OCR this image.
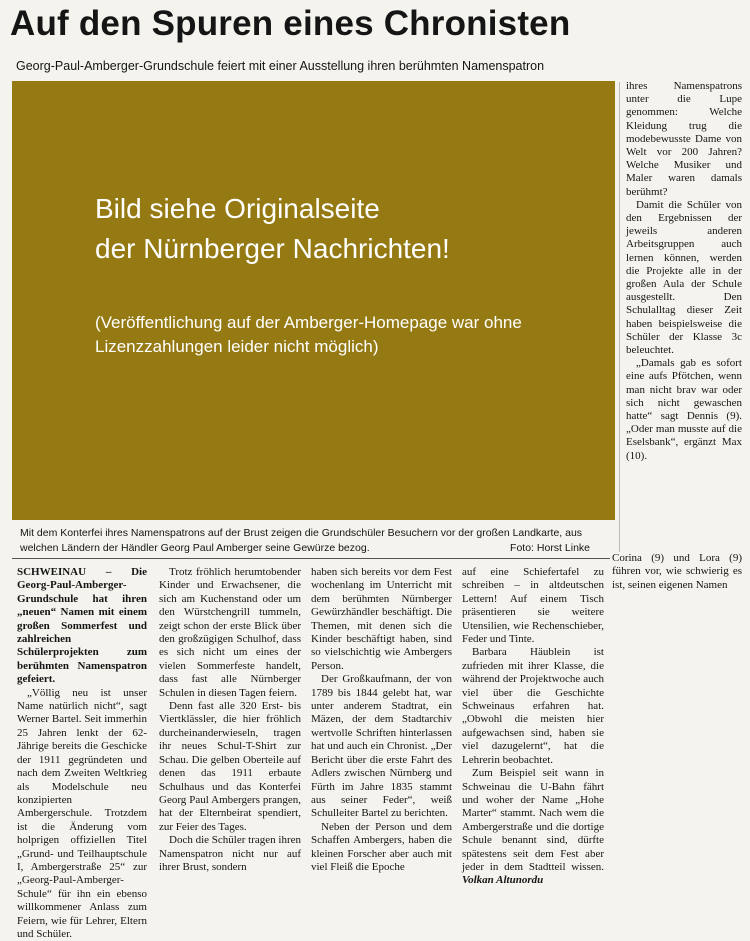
Auf den Spuren eines Chronisten

Georg-Paul-Amberger-Grundschule feiert mit einer Ausstellung ihren berühmten Namenspatron

Bild siehe Originalseite
der Nürnberger Nachrichten!
(Veröffentlichung auf der Amberger-Homepage war ohne Lizenzzahlungen leider nicht möglich)
Mit dem Konterfei ihres Namenspatrons auf der Brust zeigen die Grundschüler Besuchern vor der großen Landkarte, aus welchen Ländern der Händler Georg Paul Amberger seine Gewürze bezog.	Foto: Horst Linke

ihres Namenspatrons unter die Lupe genommen: Welche Kleidung trug die modebewusste Dame von Welt vor 200 Jahren? Welche Musiker und Maler waren damals berühmt?

Damit die Schüler von den Ergebnissen der jeweils anderen Arbeitsgruppen auch lernen können, werden die Projekte alle in der großen Aula der Schule ausgestellt. Den Schulalltag dieser Zeit haben beispielsweise die Schüler der Klasse 3c beleuchtet.

„Damals gab es sofort eine aufs Pfötchen, wenn man nicht brav war oder sich nicht gewaschen hatte“ sagt Dennis (9). „Oder man musste auf die Eselsbank“, ergänzt Max (10).

SCHWEINAU – Die Georg-Paul-Amberger-Grundschule hat ihren „neuen“ Namen mit einem großen Sommerfest und zahlreichen Schülerprojekten zum berühmten Namenspatron gefeiert.

„Völlig neu ist unser Name natürlich nicht“, sagt Werner Bartel. Seit immerhin 25 Jahren lenkt der 62-Jährige bereits die Geschicke der 1911 gegründeten und nach dem Zweiten Weltkrieg als Modelschule neu konzipierten Ambergerschule. Trotzdem ist die Änderung vom holprigen offiziellen Titel „Grund- und Teilhauptschule I, Ambergerstraße 25“ zur „Georg-Paul-Amberger-Schule“ für ihn ein ebenso willkommener Anlass zum Feiern, wie für Lehrer, Eltern und Schüler.

Trotz fröhlich herumtobender Kinder und Erwachsener, die sich am Kuchenstand oder um den Würstchengrill tummeln, zeigt schon der erste Blick über den großzügigen Schulhof, dass es sich nicht um eines der vielen Sommerfeste handelt, dass fast alle Nürnberger Schulen in diesen Tagen feiern.

Denn fast alle 320 Erst- bis Viertklässler, die hier fröhlich durcheinanderwieseln, tragen ihr neues Schul-T-Shirt zur Schau. Die gelben Oberteile auf denen das 1911 erbaute Schulhaus und das Konterfei Georg Paul Ambergers prangen, hat der Elternbeirat spendiert, zur Feier des Tages.

Doch die Schüler tragen ihren Namenspatron nicht nur auf ihrer Brust, sondern

haben sich bereits vor dem Fest wochenlang im Unterricht mit dem berühmten Nürnberger Gewürzhändler beschäftigt. Die Themen, mit denen sich die Kinder beschäftigt haben, sind so vielschichtig wie Ambergers Person.

Der Großkaufmann, der von 1789 bis 1844 gelebt hat, war unter anderem Stadtrat, ein Mäzen, der dem Stadtarchiv wertvolle Schriften hinterlassen hat und auch ein Chronist. „Der Bericht über die erste Fahrt des Adlers zwischen Nürnberg und Fürth im Jahre 1835 stammt aus seiner Feder“, weiß Schulleiter Bartel zu berichten.

Neben der Person und dem Schaffen Ambergers, haben die kleinen Forscher aber auch mit viel Fleiß die Epoche

auf eine Schiefertafel zu schreiben – in altdeutschen Lettern! Auf einem Tisch präsentieren sie weitere Utensilien, wie Rechenschieber, Feder und Tinte.

Barbara Häublein ist zufrieden mit ihrer Klasse, die während der Projektwoche auch viel über die Geschichte Schweinaus erfahren hat. „Obwohl die meisten hier aufgewachsen sind, haben sie viel dazugelernt“, hat die Lehrerin beobachtet.

Zum Beispiel seit wann in Schweinau die U-Bahn fährt und woher der Name „Hohe Marter“ stammt. Nach wem die Ambergerstraße und die dortige Schule benannt sind, dürfte spätestens seit dem Fest aber jeder in dem Stadtteil wissen. Volkan Altunordu

Corina (9) und Lora (9) führen vor, wie schwierig es ist, seinen eigenen Namen
